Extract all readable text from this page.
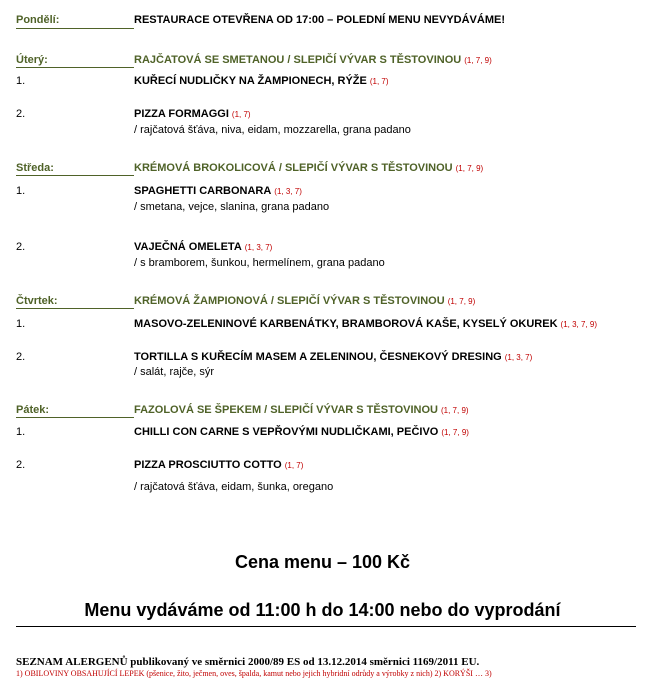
Pondělí:	RESTAURACE OTEVŘENA OD 17:00 – POLEDNÍ MENU NEVYDÁVÁME!
Úterý:	RAJČATOVÁ SE SMETANOU / SLEPIČÍ VÝVAR S TĚSTOVINOU (1, 7, 9)
1.	KUŘECÍ NUDLIČKY NA ŽAMPIONECH, RÝŽE (1, 7)
2.	PIZZA FORMAGGI (1, 7)
/ rajčatová šťáva, niva, eidam, mozzarella, grana padano
Středa:	KRÉMOVÁ BROKOLICOVÁ / SLEPIČÍ VÝVAR S TĚSTOVINOU (1, 7, 9)
1.	SPAGHETTI CARBONARA (1, 3, 7)
/ smetana, vejce, slanina, grana padano
2.	VAJEČNÁ OMELETA (1, 3, 7)
/ s bramborem, šunkou, hermelínem, grana padano
Čtvrtek:	KRÉMOVÁ ŽAMPIONOVÁ / SLEPIČÍ VÝVAR S TĚSTOVINOU (1, 7, 9)
1.	MASOVO-ZELENINOVÉ KARBENÁTKY, BRAMBOROVÁ KAŠE, KYSELÝ OKUREK (1, 3, 7, 9)
2.	TORTILLA S KUŘECÍM MASEM A ZELENINOU, ČESNEKOVÝ DRESING (1, 3, 7)
/ salát, rajče, sýr
Pátek:	FAZOLOVÁ SE ŠPEKEM / SLEPIČÍ VÝVAR S TĚSTOVINOU (1, 7, 9)
1.	CHILLI CON CARNE S VEPŘOVÝMI NUDLIČKAMI, PEČIVO (1, 7, 9)
2.	PIZZA PROSCIUTTO COTTO (1, 7)
/ rajčatová šťáva, eidam, šunka, oregano
Cena menu – 100 Kč
Menu vydáváme od 11:00 h do 14:00 nebo do vyprodání
SEZNAM ALERGENŮ publikovaný ve směrnici 2000/89 ES od 13.12.2014 směrnici 1169/2011 EU.
1) OBILOVINY OBSAHUJÍCÍ LEPEK (pšenice, žito, ječmen, oves, špalda, kamut nebo jejich hybridní odrůdy a výrobky z nich) 2) KORÝŠI … 3)
